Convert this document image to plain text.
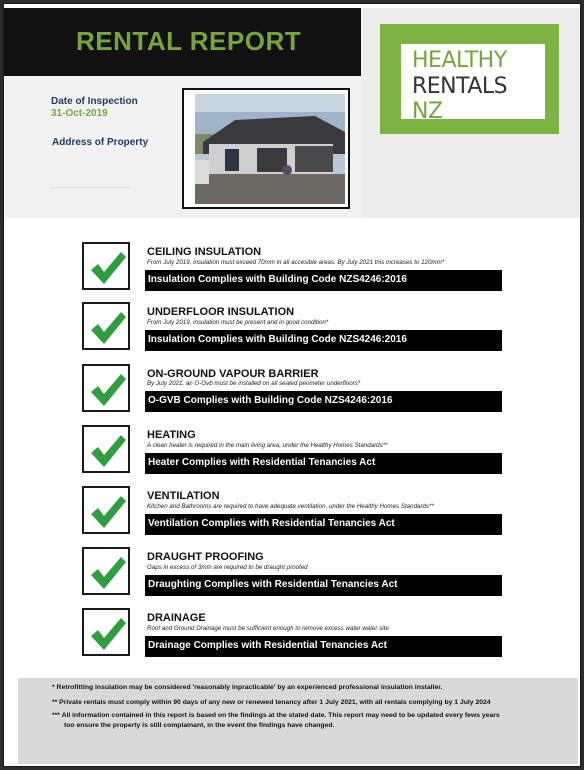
RENTAL REPORT
Date of Inspection
31-Oct-2019
Address of Property
HEALTHY
RENTALS
NZ
CEILING INSULATION
From July 2019, insulation must exceed 70mm in all accesible areas. By July 2021 this increases to 120mm*
Insulation Complies with Building Code NZS4246:2016
UNDERFLOOR INSULATION
From July 2019, insulation must be present and in good condition*
Insulation Complies with Building Code NZS4246:2016
ON-GROUND VAPOUR BARRIER
By July 2021, an O-Gvb must be installed on all sealed perimeter underfloors*
O-GVB Complies with Building Code NZS4246:2016
HEATING
A clean heater is required in the main living area, under the Healthy Homes Standards**
Heater Complies with Residential Tenancies Act
VENTILATION
Kitchen and Bathrooms are required to have adequate ventilation, under the Healthy Homes Standards**
Ventilation Complies with Residential Tenancies Act
DRAUGHT PROOFING
Gaps in excess of 3mm are required to be draught proofed
Draughting Complies with Residential Tenancies Act
DRAINAGE
Roof and Ground Drainage must be sufficient enough to remove excess water water site
Drainage Complies with Residential Tenancies Act
* Retrofitting insulation may be considered 'reasonably inpracticable' by an experienced professional insulation installer.
** Private rentals must comply within 90 days of any new or renewed tenancy after 1 July 2021, with all rentals complying by 1 July 2024
*** All information contained in this report is based on the findings at the stated date. This report may need to be updated every fews years
too ensure the property is still complainant, in the event the findings have changed.
